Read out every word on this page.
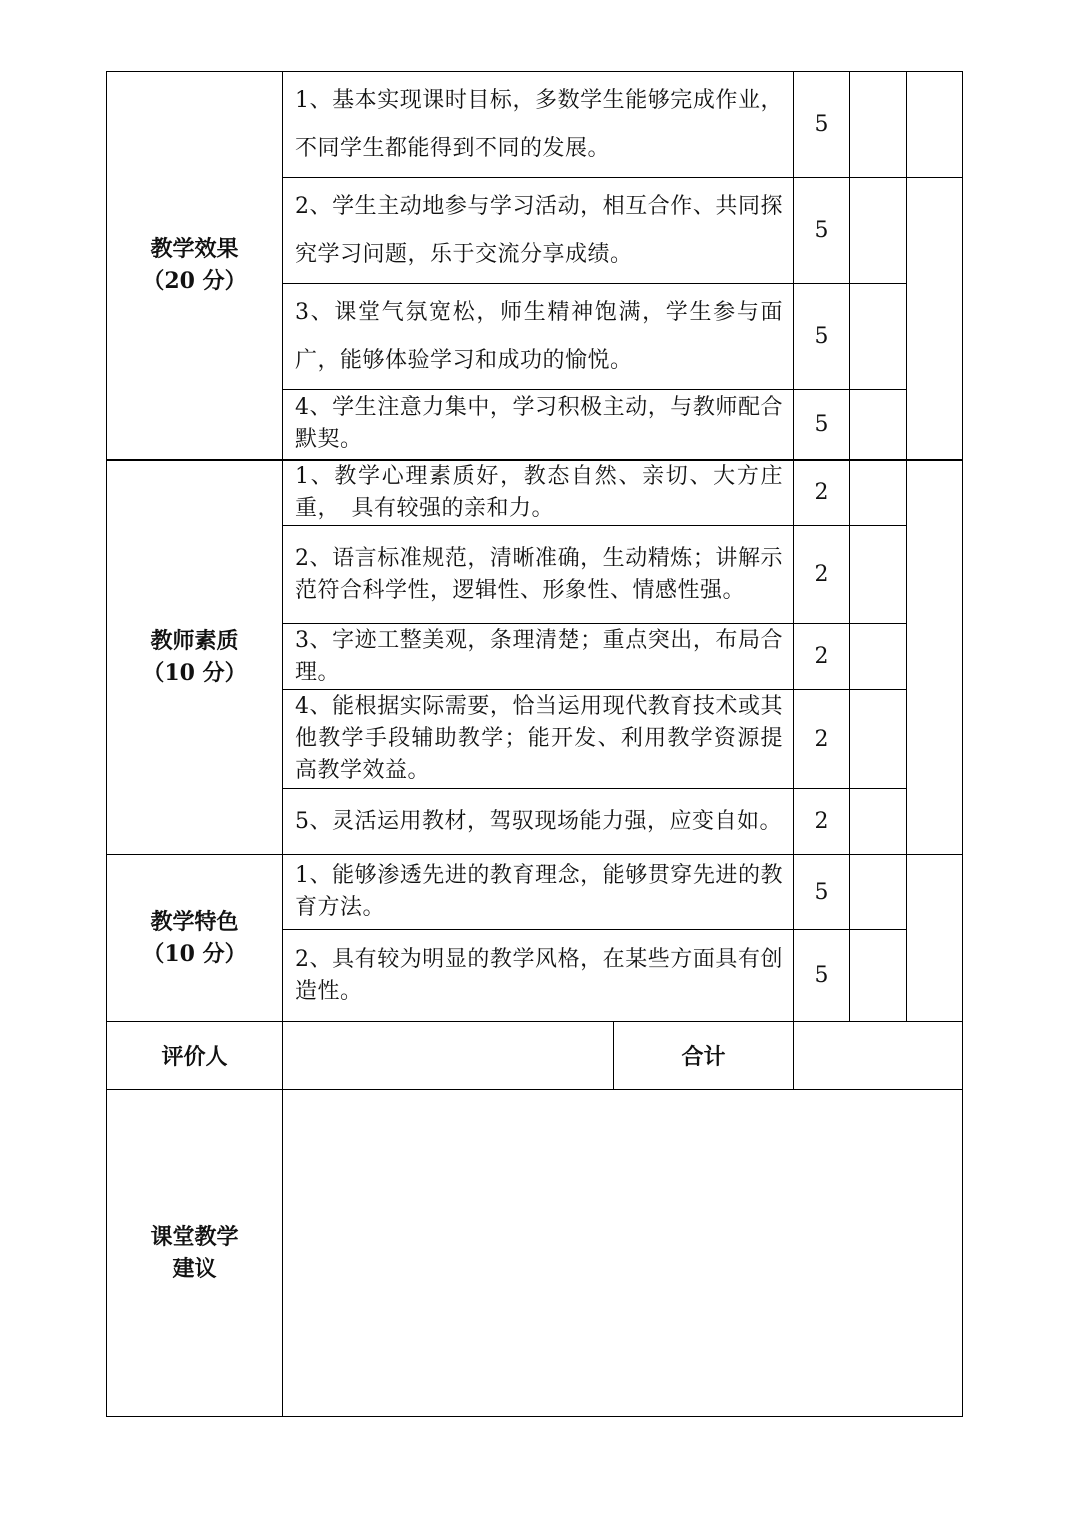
教学效果
（20 分）	1、基本实现课时目标，多数学生能够完成作业，不同学生都能得到不同的发展。		5		
	2、学生主动地参与学习活动，相互合作、共同探究学习问题，乐于交流分享成绩。		5		
	3、课堂气氛宽松，师生精神饱满，学生参与面广，能够体验学习和成功的愉悦。		5		
	4、学生注意力集中，学习积极主动，与教师配合默契。		5		

教师素质
（10 分）	1、教学心理素质好，教态自然、亲切、大方庄重，　具有较强的亲和力。		2		
	2、语言标准规范，清晰准确，生动精炼；讲解示范符合科学性，逻辑性、形象性、情感性强。		2		
	3、字迹工整美观，条理清楚；重点突出，布局合理。		2		
	4、能根据实际需要，恰当运用现代教育技术或其他教学手段辅助教学；能开发、利用教学资源提高教学效益。		2		
	5、灵活运用教材，驾驭现场能力强，应变自如。		2		

教学特色
（10 分）	1、能够渗透先进的教育理念，能够贯穿先进的教育方法。		5		
	2、具有较为明显的教学风格，在某些方面具有创造性。		5		
评价人		合计			

课堂教学
建议					
